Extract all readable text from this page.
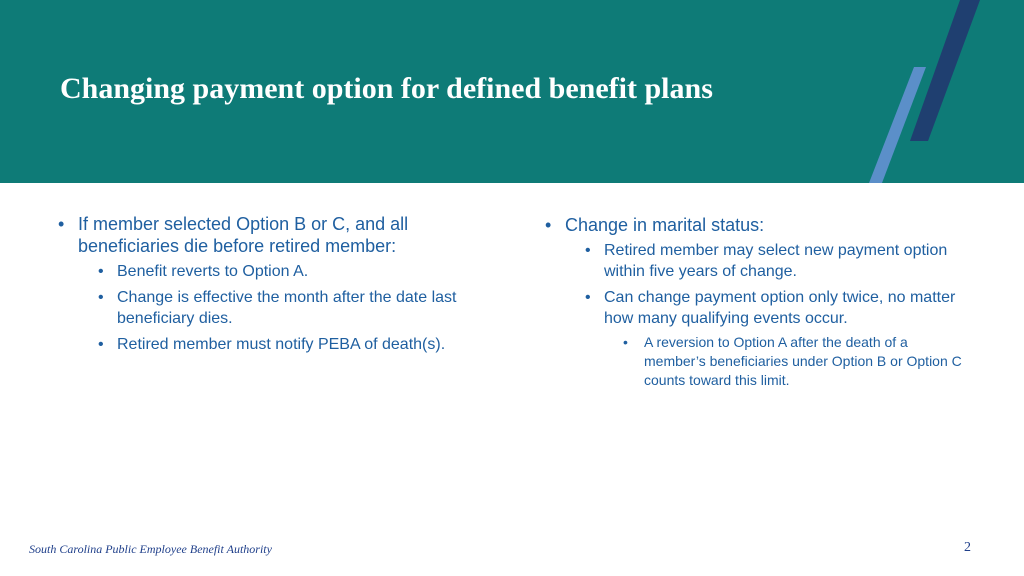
Changing payment option for defined benefit plans
• If member selected Option B or C, and all beneficiaries die before retired member:
• Benefit reverts to Option A.
• Change is effective the month after the date last beneficiary dies.
• Retired member must notify PEBA of death(s).
• Change in marital status:
• Retired member may select new payment option within five years of change.
• Can change payment option only twice, no matter how many qualifying events occur.
• A reversion to Option A after the death of a member’s beneficiaries under Option B or Option C counts toward this limit.
South Carolina Public Employee Benefit Authority	2
